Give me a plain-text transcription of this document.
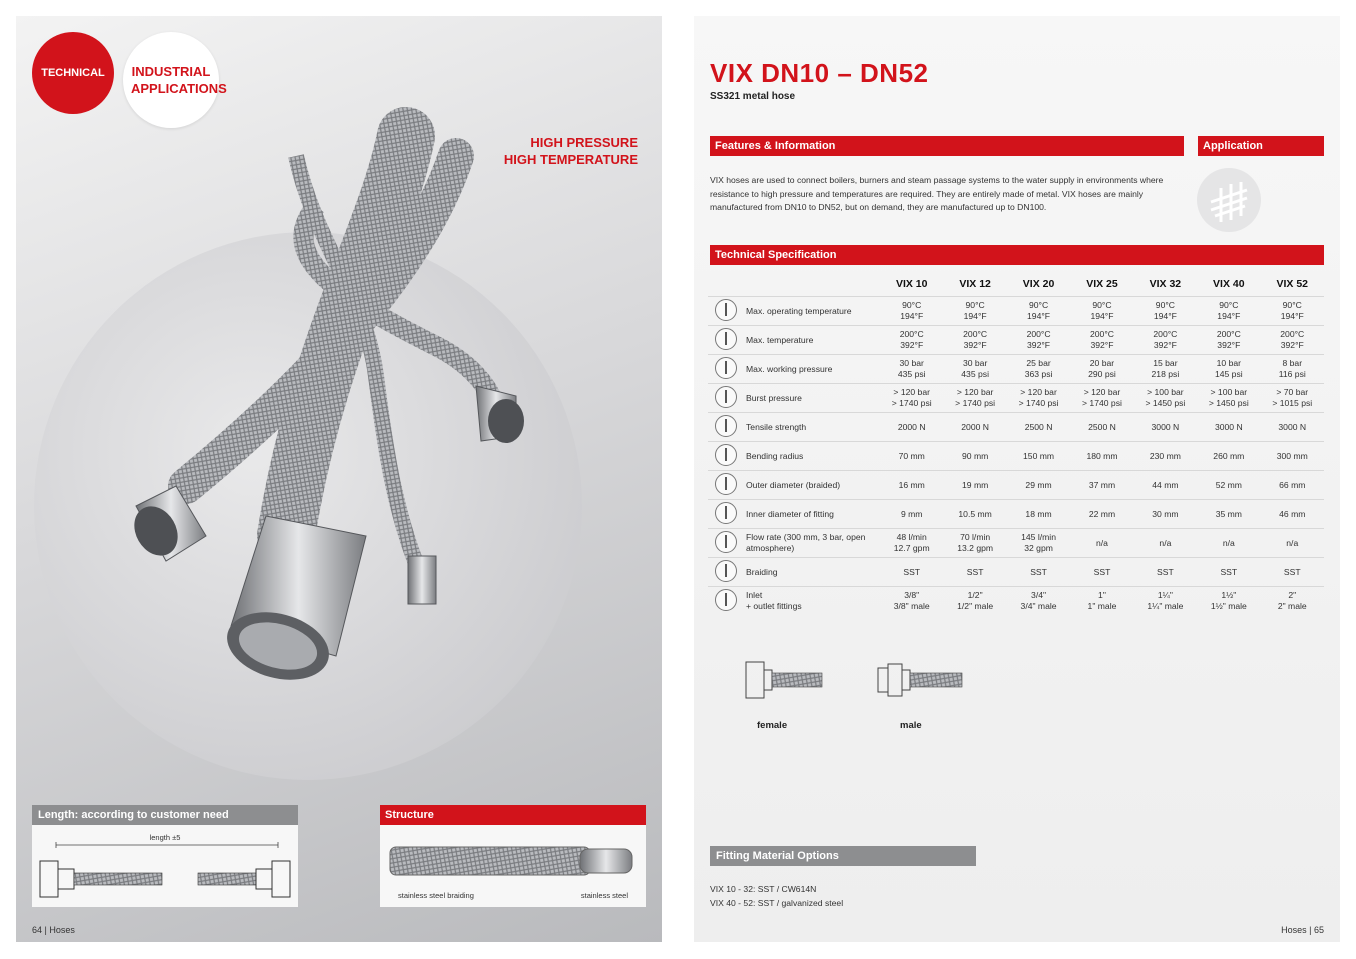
TECHNICAL INDUSTRIAL APPLICATIONS
HIGH PRESSURE
HIGH TEMPERATURE
Length: according to customer need
length ±5
Structure
stainless steel braiding	stainless steel
64 | Hoses
VIX DN10 – DN52
SS321 metal hose
Features & Information	Application
VIX hoses are used to connect boilers, burners and steam passage systems to the water supply in environments where resistance to high pressure and temperatures are required. They are entirely made of metal. VIX hoses are mainly manufactured from DN10 to DN52, but on demand, they are manufactured up to DN100.
Technical Specification
		VIX 10	VIX 12	VIX 20	VIX 25	VIX 32	VIX 40	VIX 52
	Max. operating temperature	90°C
194°F	90°C
194°F	90°C
194°F	90°C
194°F	90°C
194°F	90°C
194°F	90°C
194°F
	Max. temperature	200°C
392°F	200°C
392°F	200°C
392°F	200°C
392°F	200°C
392°F	200°C
392°F	200°C
392°F
	Max. working pressure	30 bar
435 psi	30 bar
435 psi	25 bar
363 psi	20 bar
290 psi	15 bar
218 psi	10 bar
145 psi	8 bar
116 psi
	Burst pressure	> 120 bar
> 1740 psi	> 120 bar
> 1740 psi	> 120 bar
> 1740 psi	> 120 bar
> 1740 psi	> 100 bar
> 1450 psi	> 100 bar
> 1450 psi	> 70 bar
> 1015 psi
	Tensile strength	2000 N	2000 N	2500 N	2500 N	3000 N	3000 N	3000 N
	Bending radius	70 mm	90 mm	150 mm	180 mm	230 mm	260 mm	300 mm
	Outer diameter (braided)	16 mm	19 mm	29 mm	37 mm	44 mm	52 mm	66 mm
	Inner diameter of fitting	9 mm	10.5 mm	18 mm	22 mm	30 mm	35 mm	46 mm
	Flow rate (300 mm, 3 bar, open atmosphere)	48 l/min
12.7 gpm	70 l/min
13.2 gpm	145 l/min
32 gpm	n/a	n/a	n/a	n/a
	Braiding	SST	SST	SST	SST	SST	SST	SST
	Inlet
+ outlet fittings	3/8"
3/8" male	1/2"
1/2" male	3/4"
3/4" male	1"
1" male	1¼"
1¼" male	1½"
1½" male	2"
2" male
female	male
Fitting Material Options
VIX 10 - 32: SST / CW614N
VIX 40 - 52: SST / galvanized steel
Hoses | 65
